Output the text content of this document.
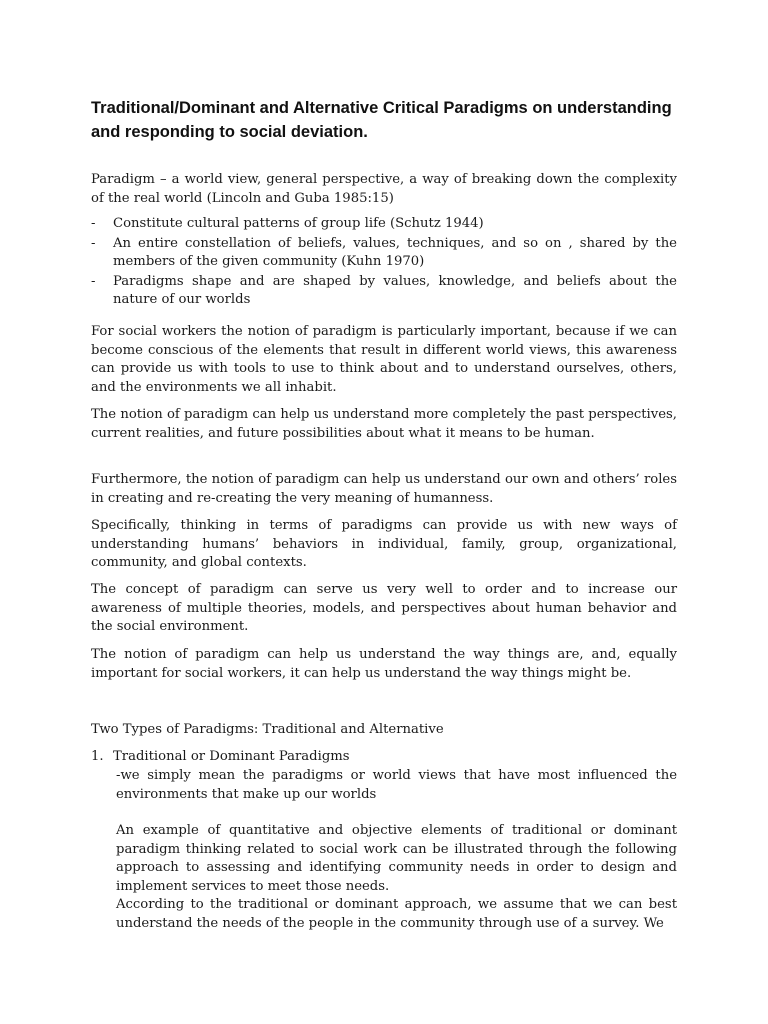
Traditional/Dominant and Alternative Critical Paradigms on understanding and responding to social deviation.
Paradigm – a world view, general perspective, a way of breaking down the complexity of the real world (Lincoln and Guba 1985:15)
-	Constitute cultural patterns of group life (Schutz 1944)
-	An entire constellation of beliefs, values, techniques, and so on , shared by the members of the given community (Kuhn 1970)
-	Paradigms shape and are shaped by values, knowledge, and beliefs about the nature of our worlds
For social workers the notion of paradigm is particularly important, because if we can become conscious of the elements that result in different world views, this awareness can provide us with tools to use to think about and to understand ourselves, others, and the environments we all inhabit.
The notion of paradigm can help us understand more completely the past perspectives, current realities, and future possibilities about what it means to be human.
Furthermore, the notion of paradigm can help us understand our own and others’ roles in creating and re-creating the very meaning of humanness.
Specifically, thinking in terms of paradigms can provide us with new ways of understanding humans’ behaviors in individual, family, group, organizational, community, and global contexts.
The concept of paradigm can serve us very well to order and to increase our awareness of multiple theories, models, and perspectives about human behavior and the social environment.
The notion of paradigm can help us understand the way things are, and, equally important for social workers, it can help us understand the way things might be.
Two Types of Paradigms: Traditional and Alternative
1. Traditional or Dominant Paradigms
-we simply mean the paradigms or world views that have most influenced the environments that make up our worlds
An example of quantitative and objective elements of traditional or dominant paradigm thinking related to social work can be illustrated through the following approach to assessing and identifying community needs in order to design and implement services to meet those needs.
According to the traditional or dominant approach, we assume that we can best understand the needs of the people in the community through use of a survey. We
